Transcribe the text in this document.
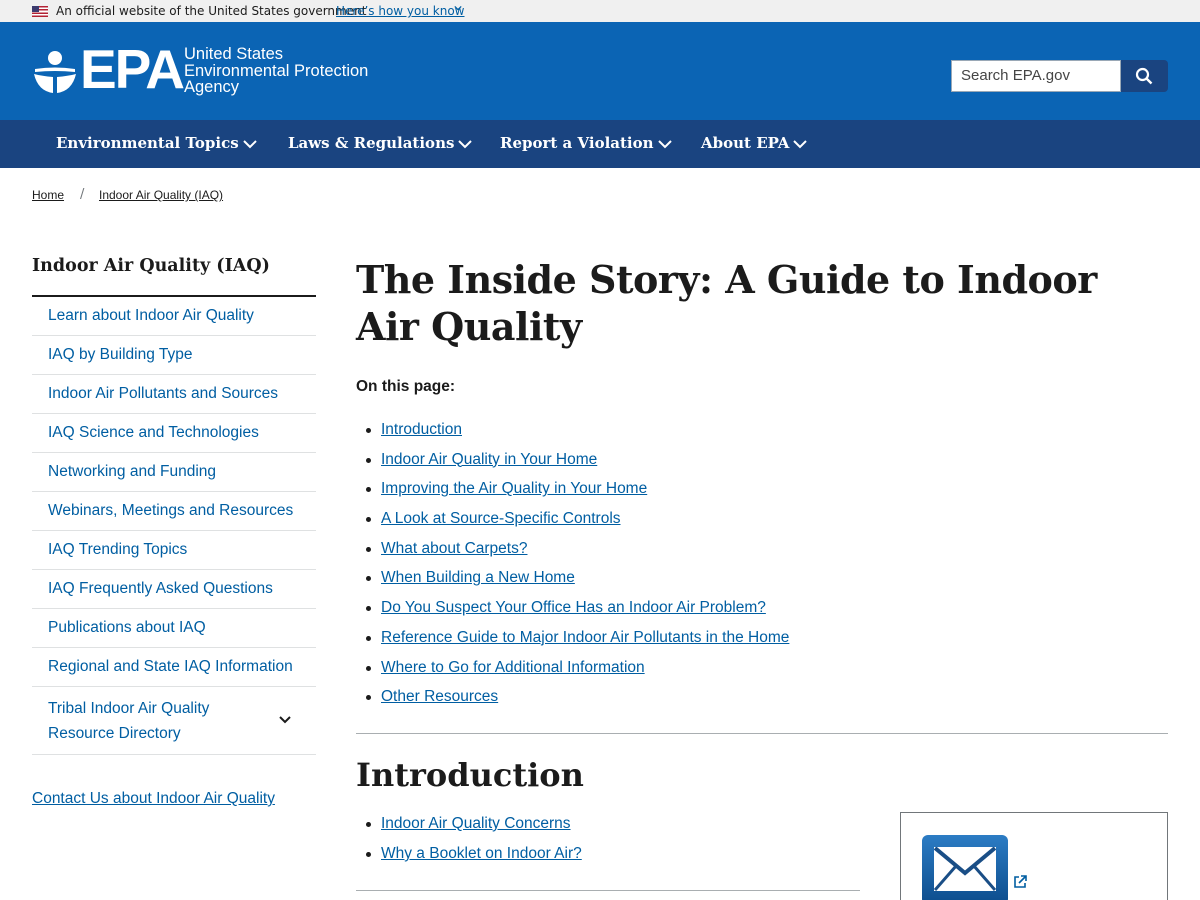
An official website of the United States government
Here’s how you know
EPA United States
Environmental Protection
Agency
Search EPA.gov
Environmental Topics	Laws & Regulations	Report a Violation	About EPA
Home / Indoor Air Quality (IAQ)
Indoor Air Quality (IAQ)
Learn about Indoor Air Quality
IAQ by Building Type
Indoor Air Pollutants and Sources
IAQ Science and Technologies
Networking and Funding
Webinars, Meetings and Resources
IAQ Trending Topics
IAQ Frequently Asked Questions
Publications about IAQ
Regional and State IAQ Information
Tribal Indoor Air Quality Resource Directory
Contact Us about Indoor Air Quality
The Inside Story: A Guide to Indoor Air Quality
On this page:
Introduction
Indoor Air Quality in Your Home
Improving the Air Quality in Your Home
A Look at Source-Specific Controls
What about Carpets?
When Building a New Home
Do You Suspect Your Office Has an Indoor Air Problem?
Reference Guide to Major Indoor Air Pollutants in the Home
Where to Go for Additional Information
Other Resources
Introduction
Indoor Air Quality Concerns
Why a Booklet on Indoor Air?
